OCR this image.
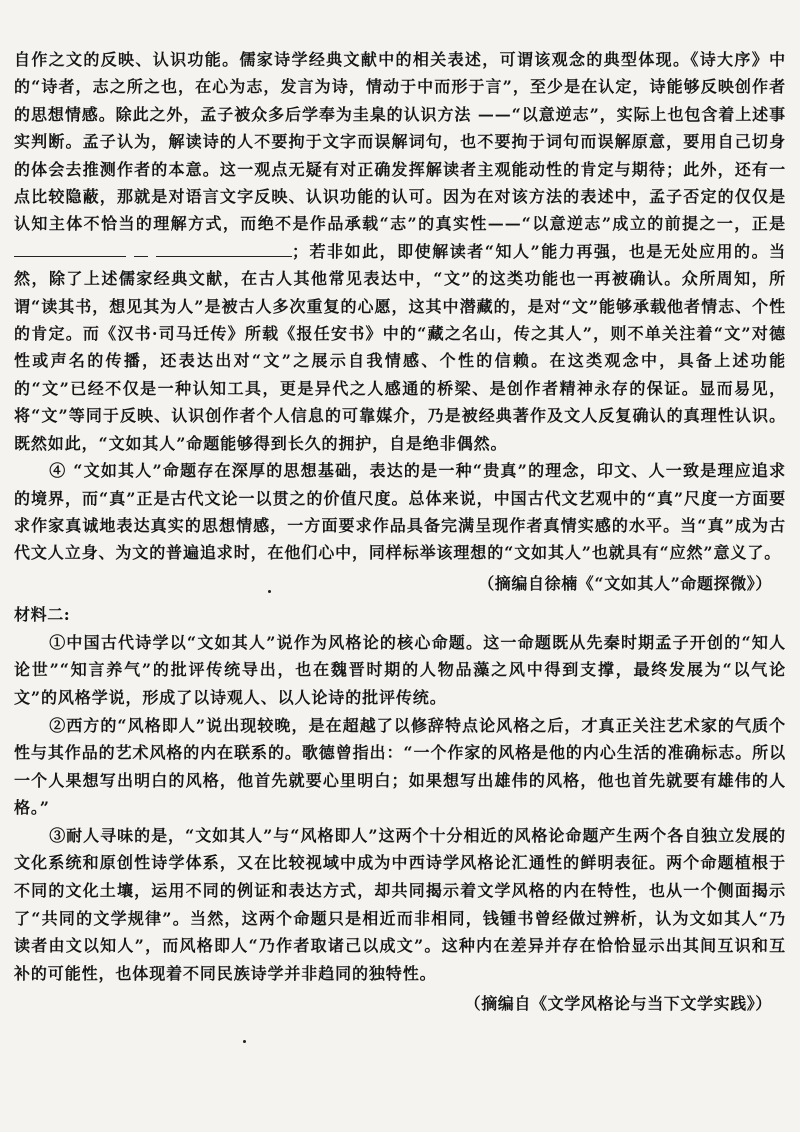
自作之文的反映、认识功能。儒家诗学经典文献中的相关表述，可谓该观念的典型体现。《诗大序》中的“诗者，志之所之也，在心为志，发言为诗，情动于中而形于言”，至少是在认定，诗能够反映创作者的思想情感。除此之外，孟子被众多后学奉为圭臬的认识方法 ——“以意逆志”，实际上也包含着上述事实判断。孟子认为，解读诗的人不要拘于文字而误解词句，也不要拘于词句而误解原意，要用自己切身的体会去推测作者的本意。这一观点无疑有对正确发挥解读者主观能动性的肯定与期待；此外，还有一点比较隐蔽，那就是对语言文字反映、认识功能的认可。因为在对该方法的表述中，孟子否定的仅仅是认知主体不恰当的理解方式，而绝不是作品承载“志”的真实性——“以意逆志”成立的前提之一，正是；若非如此，即使解读者“知人”能力再强，也是无处应用的。当然，除了上述儒家经典文献，在古人其他常见表达中，“文”的这类功能也一再被确认。众所周知，所谓“读其书，想见其为人”是被古人多次重复的心愿，这其中潜藏的，是对“文”能够承载他者情志、个性的肯定。而《汉书·司马迁传》所载《报任安书》中的“藏之名山，传之其人”，则不单关注着“文”对德性或声名的传播，还表达出对“文”之展示自我情感、个性的信赖。在这类观念中，具备上述功能的“文”已经不仅是一种认知工具，更是异代之人感通的桥梁、是创作者精神永存的保证。显而易见，将“文”等同于反映、认识创作者个人信息的可靠媒介，乃是被经典著作及文人反复确认的真理性认识。既然如此，“文如其人”命题能够得到长久的拥护，自是绝非偶然。

④ “文如其人”命题存在深厚的思想基础，表达的是一种“贵真”的理念，印文、人一致是理应追求的境界，而“真”正是古代文论一以贯之的价值尺度。总体来说，中国古代文艺观中的“真”尺度一方面要求作家真诚地表达真实的思想情感，一方面要求作品具备完满呈现作者真情实感的水平。当“真”成为古代文人立身、为文的普遍追求时，在他们心中，同样标举该理想的“文如其人”也就具有“应然”意义了。

（摘编自徐楠《“文如其人”命题探微》）

材料二:

①中国古代诗学以“文如其人”说作为风格论的核心命题。这一命题既从先秦时期孟子开创的“知人论世”“知言养气”的批评传统导出，也在魏晋时期的人物品藻之风中得到支撑，最终发展为“以气论文”的风格学说，形成了以诗观人、以人论诗的批评传统。

②西方的“风格即人”说出现较晚，是在超越了以修辞特点论风格之后，才真正关注艺术家的气质个性与其作品的艺术风格的内在联系的。歌德曾指出：“一个作家的风格是他的内心生活的准确标志。所以一个人果想写出明白的风格，他首先就要心里明白；如果想写出雄伟的风格，他也首先就要有雄伟的人格。”

③耐人寻味的是，“文如其人”与“风格即人”这两个十分相近的风格论命题产生两个各自独立发展的文化系统和原创性诗学体系，又在比较视域中成为中西诗学风格论汇通性的鲜明表征。两个命题植根于不同的文化土壤，运用不同的例证和表达方式，却共同揭示着文学风格的内在特性，也从一个侧面揭示了“共同的文学规律”。当然，这两个命题只是相近而非相同，钱锺书曾经做过辨析，认为文如其人“乃读者由文以知人”，而风格即人“乃作者取诸己以成文”。这种内在差异并存在恰恰显示出其间互识和互补的可能性，也体现着不同民族诗学并非趋同的独特性。

（摘编自《文学风格论与当下文学实践》）
